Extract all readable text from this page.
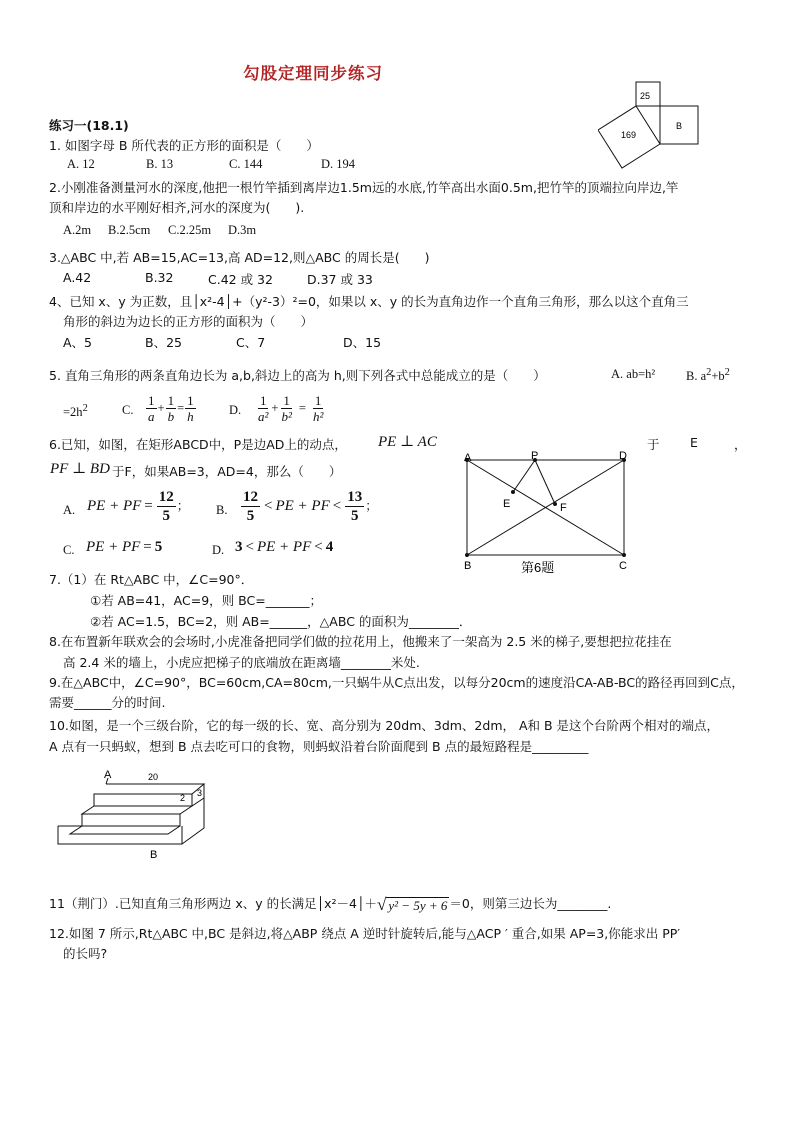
勾股定理同步练习
25
B
169
练习一(18.1)
1. 如图字母 B 所代表的正方形的面积是（　　）
A. 12	B. 13	C. 144	D. 194
2.小刚准备测量河水的深度,他把一根竹竿插到离岸边1.5m远的水底,竹竿高出水面0.5m,把竹竿的顶端拉向岸边,竿
顶和岸边的水平刚好相齐,河水的深度为(　　).
A.2m B.2.5cm C.2.25m D.3m
3.△ABC 中,若 AB=15,AC=13,高 AD=12,则△ABC 的周长是(　　)
A.42	B.32	C.42 或 32	D.37 或 33
4、已知 x、y 为正数，且│x²-4│+（y²-3）²=0，如果以 x、y 的长为直角边作一个直角三角形，那么以这个直角三
角形的斜边为边长的正方形的面积为（　　）
A、5	B、25	C、7	D、15
5. 直角三角形的两条直角边长为 a,b,斜边上的高为 h,则下列各式中总能成立的是（　　）	A. ab=h² B. $a^2+b^2$
$=2h^2$	C. $\frac{1}{a} + \frac{1}{b} = \frac{1}{h}$	D. $\frac{1}{\text{a²}} + \frac{1}{\text{b²}} = \frac{1}{\text{h²}}$
6.已知，如图，在矩形ABCD中，P是边AD上的动点， PE ⊥ AC	于 E	，
PF ⊥ BD 于F，如果AB=3，AD=4，那么（　　）
A. PE + PF = $\frac{12}{5}$ ； B. $\frac{12}{5}$ < PE + PF < $\frac{13}{5}$ ；
C. PE + PF = 5	D. 3 < PE + PF < 4
A	P	D
E	F
B	C
第6题
7.（1）在 Rt△ABC 中，∠C=90°．
①若 AB=41，AC=9，则 BC=_______；
②若 AC=1.5，BC=2，则 AB=______，△ABC 的面积为________．
8.在布置新年联欢会的会场时,小虎准备把同学们做的拉花用上，他搬来了一架高为 2.5 米的梯子,要想把拉花挂在
高 2.4 米的墙上，小虎应把梯子的底端放在距离墙________米处.
9.在△ABC中，∠C=90°，BC=60cm,CA=80cm,一只蜗牛从C点出发，以每分20cm的速度沿CA-AB-BC的路径再回到C点，
需要______分的时间.
10.如图，是一个三级台阶，它的每一级的长、宽、高分别为 20dm、3dm、2dm， A和 B 是这个台阶两个相对的端点，
A 点有一只蚂蚁，想到 B 点去吃可口的食物，则蚂蚁沿着台阶面爬到 B 点的最短路程是_________
A	20
2 3
B
11（荆门）.已知直角三角形两边 x、y 的长满足│x²－4│＋√ y² − 5y + 6 ＝0，则第三边长为________.
12.如图 7 所示,Rt△ABC 中,BC 是斜边,将△ABP 绕点 A 逆时针旋转后,能与△ACP ′ 重合,如果 AP=3,你能求出 PP′
的长吗?
